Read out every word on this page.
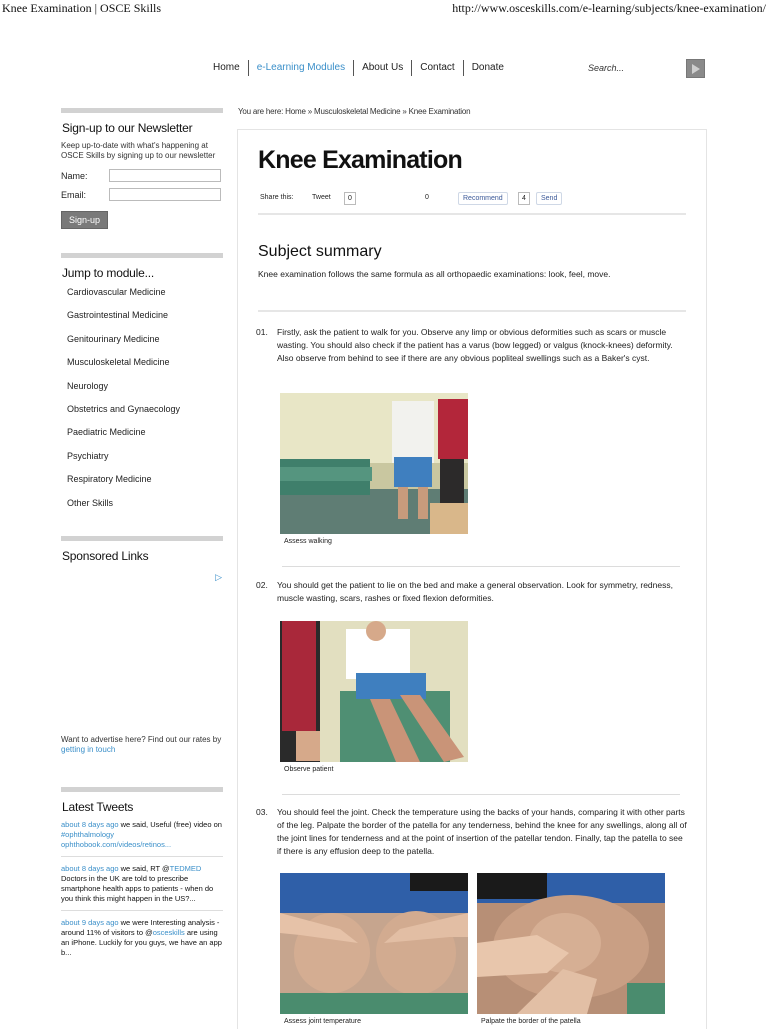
Knee Examination | OSCE Skills	http://www.osceskills.com/e-learning/subjects/knee-examination/
Home	e-Learning Modules	About Us	Contact	Donate	Search...
Sign-up to our Newsletter
Keep up-to-date with what's happening at OSCE Skills by signing up to our newsletter
Name:
Email:
Sign-up
Jump to module...
Cardiovascular Medicine
Gastrointestinal Medicine
Genitourinary Medicine
Musculoskeletal Medicine
Neurology
Obstetrics and Gynaecology
Paediatric Medicine
Psychiatry
Respiratory Medicine
Other Skills
Sponsored Links
▷
Want to advertise here? Find out our rates by getting in touch
Latest Tweets
about 8 days ago we said, Useful (free) video on #ophthalmology ophthobook.com/videos/retinos...
about 8 days ago we said, RT @TEDMED Doctors in the UK are told to prescribe smartphone health apps to patients - when do you think this might happen in the US?...
about 9 days ago we were Interesting analysis - around 11% of visitors to @osceskills are using an iPhone. Luckily for you guys, we have an app b...
You are here: Home » Musculoskeletal Medicine » Knee Examination
Knee Examination
Share this:	Tweet	0	0	Recommend	4	Send
Subject summary
Knee examination follows the same formula as all orthopaedic examinations: look, feel, move.
01. Firstly, ask the patient to walk for you. Observe any limp or obvious deformities such as scars or muscle wasting. You should also check if the patient has a varus (bow legged) or valgus (knock-knees) deformity. Also observe from behind to see if there are any obvious popliteal swellings such as a Baker's cyst.
Assess walking
02. You should get the patient to lie on the bed and make a general observation. Look for symmetry, redness, muscle wasting, scars, rashes or fixed flexion deformities.
Observe patient
03. You should feel the joint. Check the temperature using the backs of your hands, comparing it with other parts of the leg. Palpate the border of the patella for any tenderness, behind the knee for any swellings, along all of the joint lines for tenderness and at the point of insertion of the patellar tendon. Finally, tap the patella to see if there is any effusion deep to the patella.
Assess joint temperature	Palpate the border of the patella
